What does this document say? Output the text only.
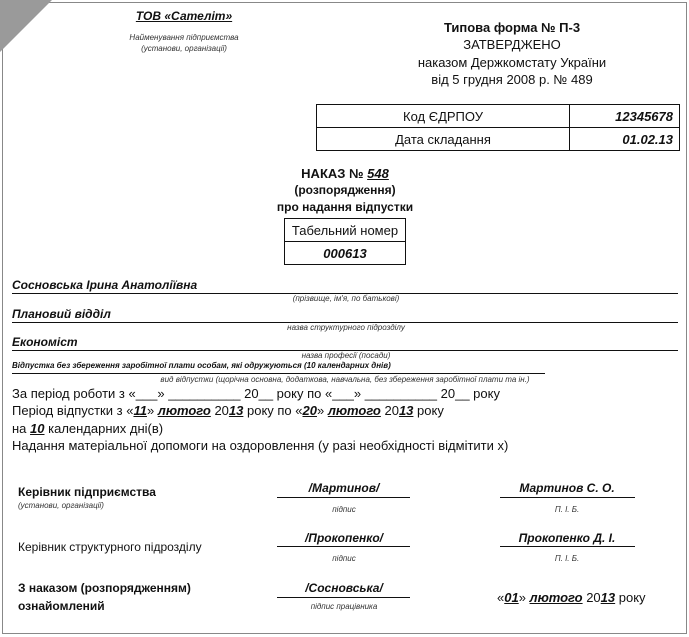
ТОВ «Сателіт»
Найменування підприємства
(установи, організації)
Типова форма № П-3
ЗАТВЕРДЖЕНО
наказом Держкомстату України
від 5 грудня 2008 р. № 489
Код ЄДРПОУ	12345678
Дата складання	01.02.13
НАКАЗ № 548
(розпорядження)
про надання відпустки
Табельний номер
000613
Сосновська Ірина Анатоліївна
(прізвище, ім'я, по батькові)
Плановий відділ
назва структурного підрозділу
Економіст
назва професії (посади)
Відпустка без збереження заробітної плати особам, які одружуються (10 календарних днів)
вид відпустки (щорічна основна, додаткова, навчальна, без збереження заробітної плати та ін.)
За період роботи з «___» __________ 20__ року по «___» __________ 20__ року
Період відпустки з «11» лютого 2013 року по «20» лютого 2013 року
на 10 календарних дні(в)
Надання матеріальної допомоги на оздоровлення (у разі необхідності відмітити х)
Керівник підприємства
(установи, організації)
/Мартинов/
підпис
Мартинов С. О.
П. І. Б.
Керівник структурного підрозділу
/Прокопенко/
підпис
Прокопенко Д. І.
П. І. Б.
З наказом (розпорядженням)
ознайомлений
/Сосновська/
підпис працівника
«01» лютого 2013 року
